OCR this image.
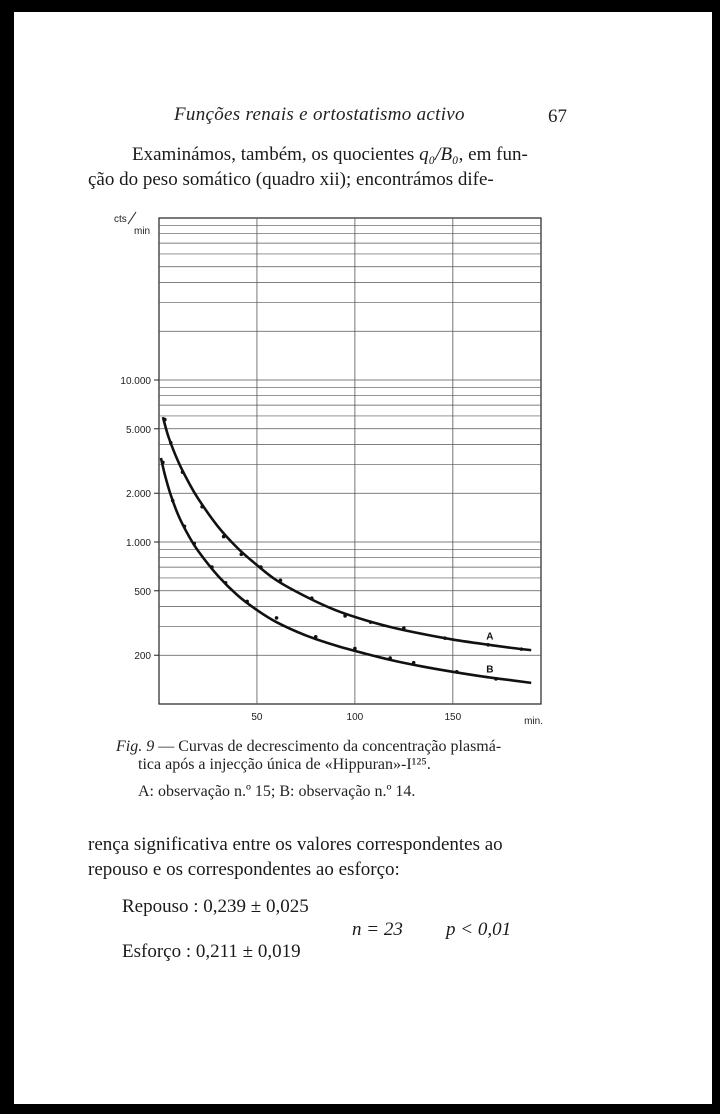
Funções renais e ortostatismo activo	67
Examinámos, também, os quocientes q₀/B₀, em fun-
ção do peso somático (quadro xii); encontrámos dife-
200
500
1.000
2.000
5.000
10.000
50	100	150	min.
cts
min
A
B
Fig. 9 — Curvas de decrescimento da concentração plasmá-
tica após a injecção única de «Hippuran»-I¹²⁵.
A: observação n.º 15; B: observação n.º 14.
rença significativa entre os valores correspondentes ao
repouso e os correspondentes ao esforço:
Repouso : 0,239 ± 0,025
Esforço : 0,211 ± 0,019
n = 23 p < 0,01
